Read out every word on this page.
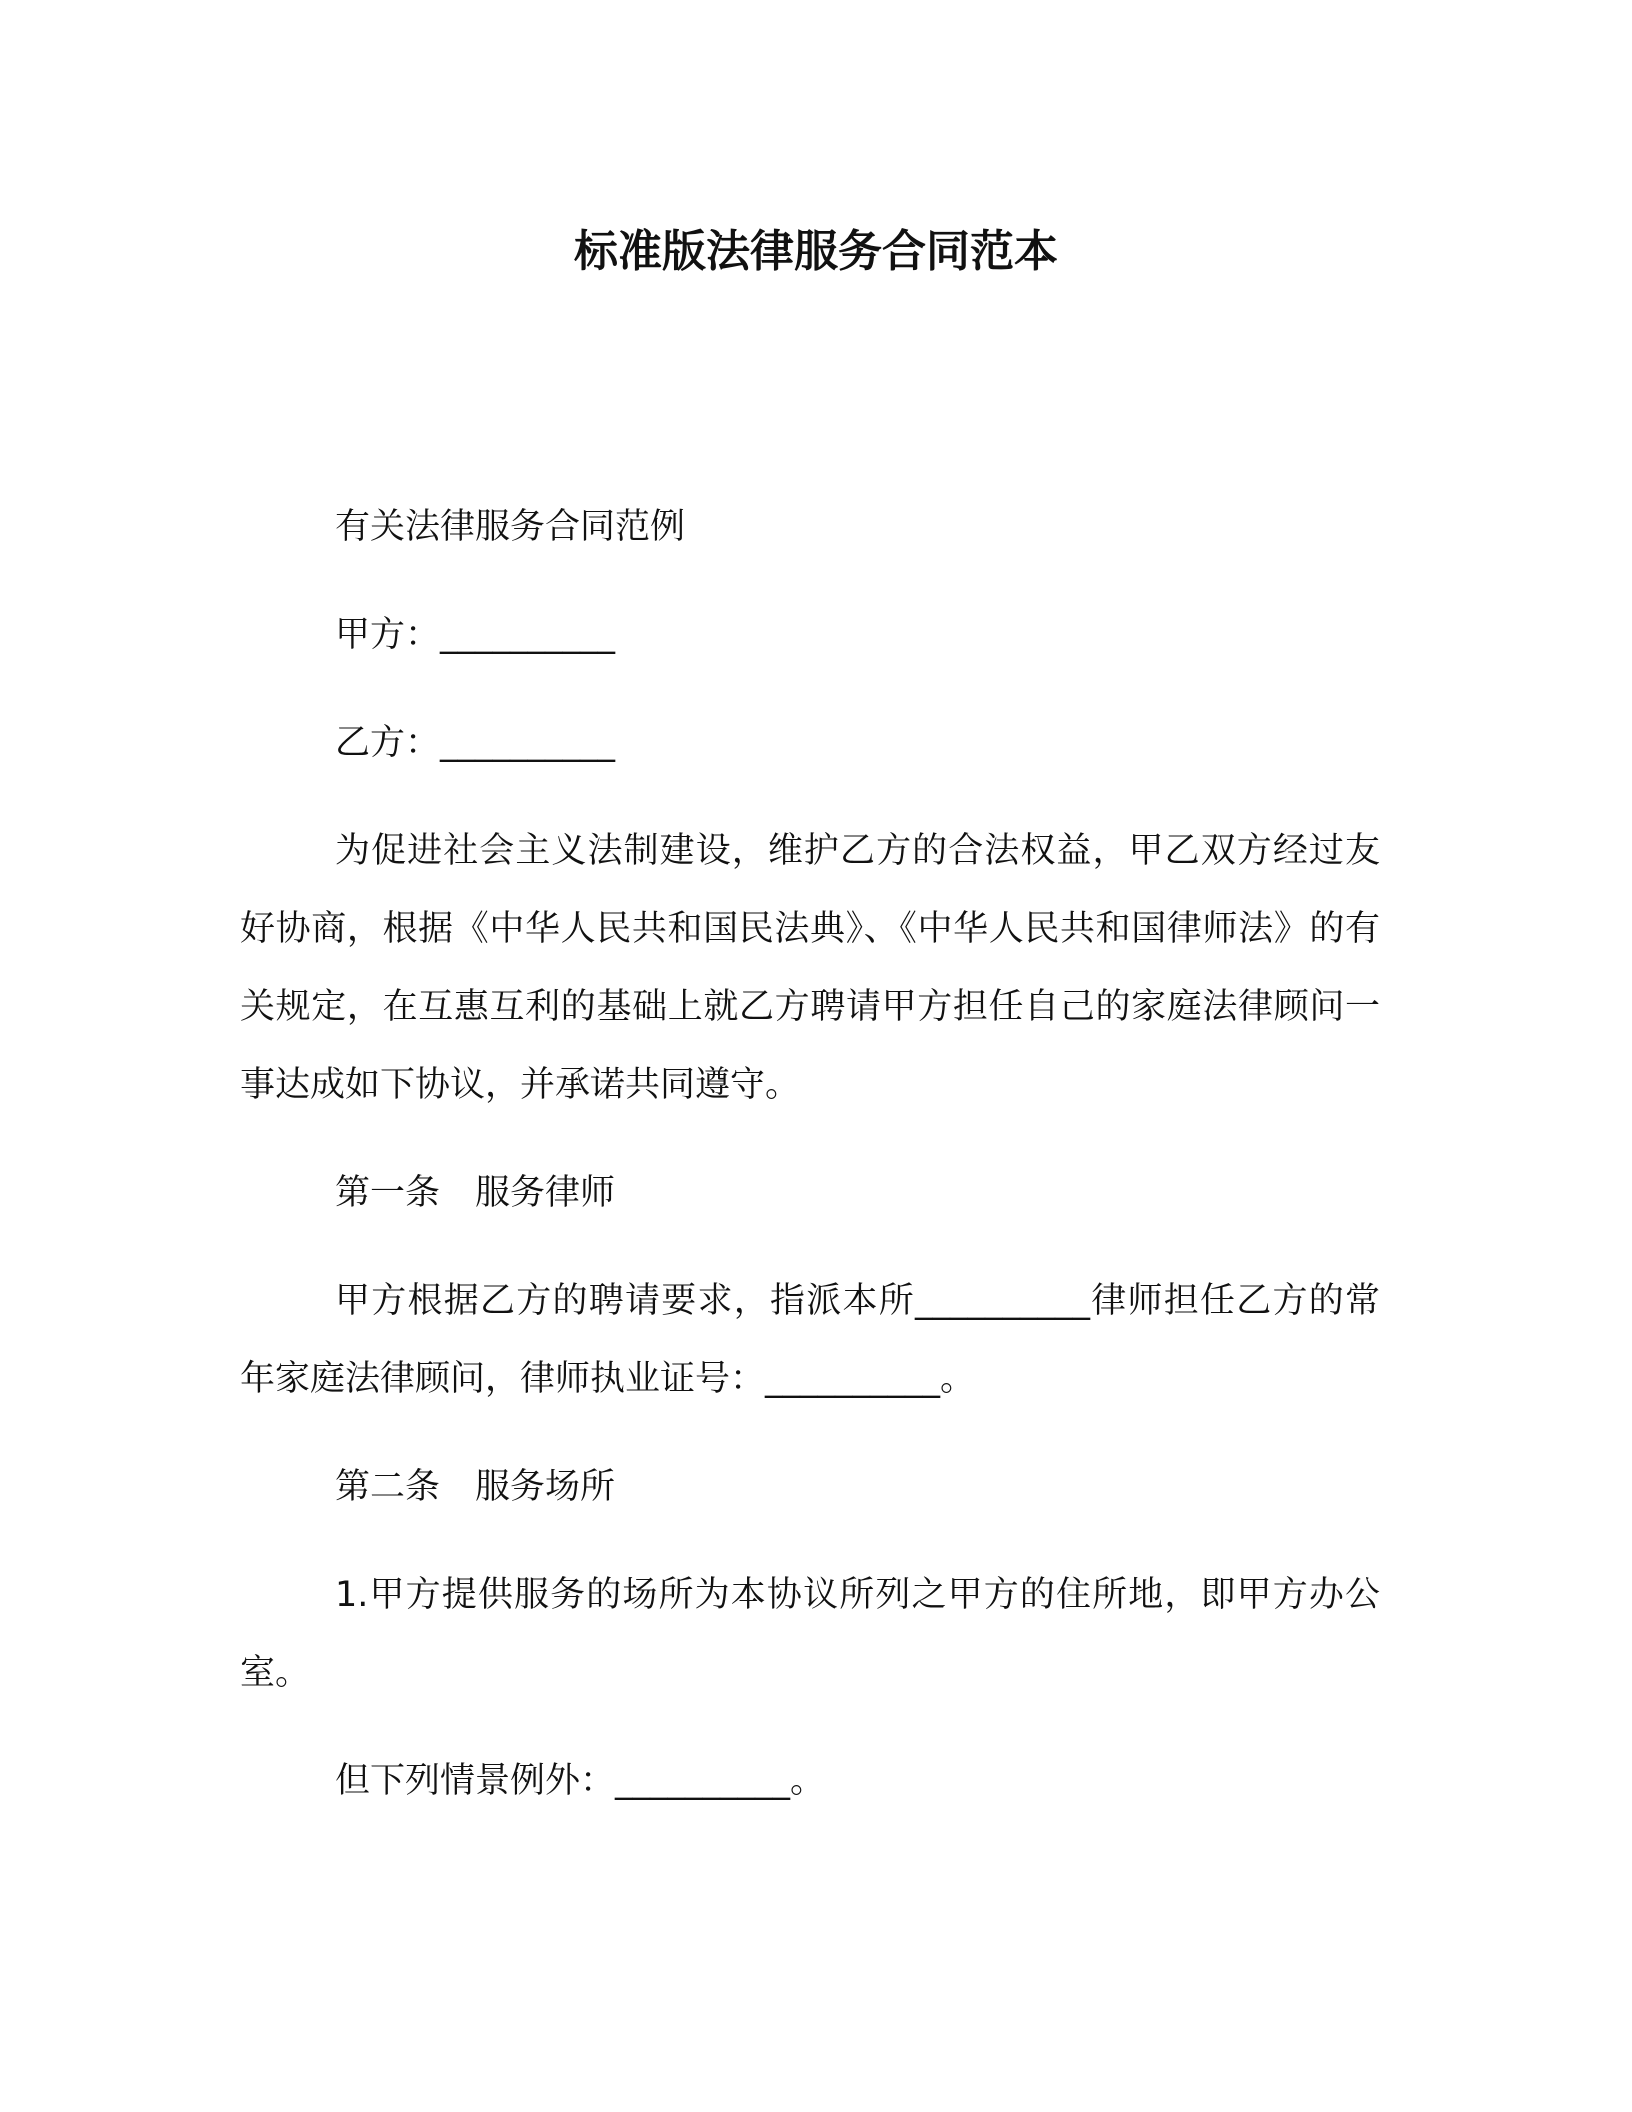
标准版法律服务合同范本

有关法律服务合同范例

甲方：__________

乙方：__________

为促进社会主义法制建设，维护乙方的合法权益，甲乙双方经过友好协商，根据《中华人民共和国民法典》、《中华人民共和国律师法》的有关规定，在互惠互利的基础上就乙方聘请甲方担任自己的家庭法律顾问一事达成如下协议，并承诺共同遵守。

第一条　服务律师

甲方根据乙方的聘请要求，指派本所__________律师担任乙方的常年家庭法律顾问，律师执业证号：__________。

第二条　服务场所

1.甲方提供服务的场所为本协议所列之甲方的住所地，即甲方办公室。

但下列情景例外：__________。
